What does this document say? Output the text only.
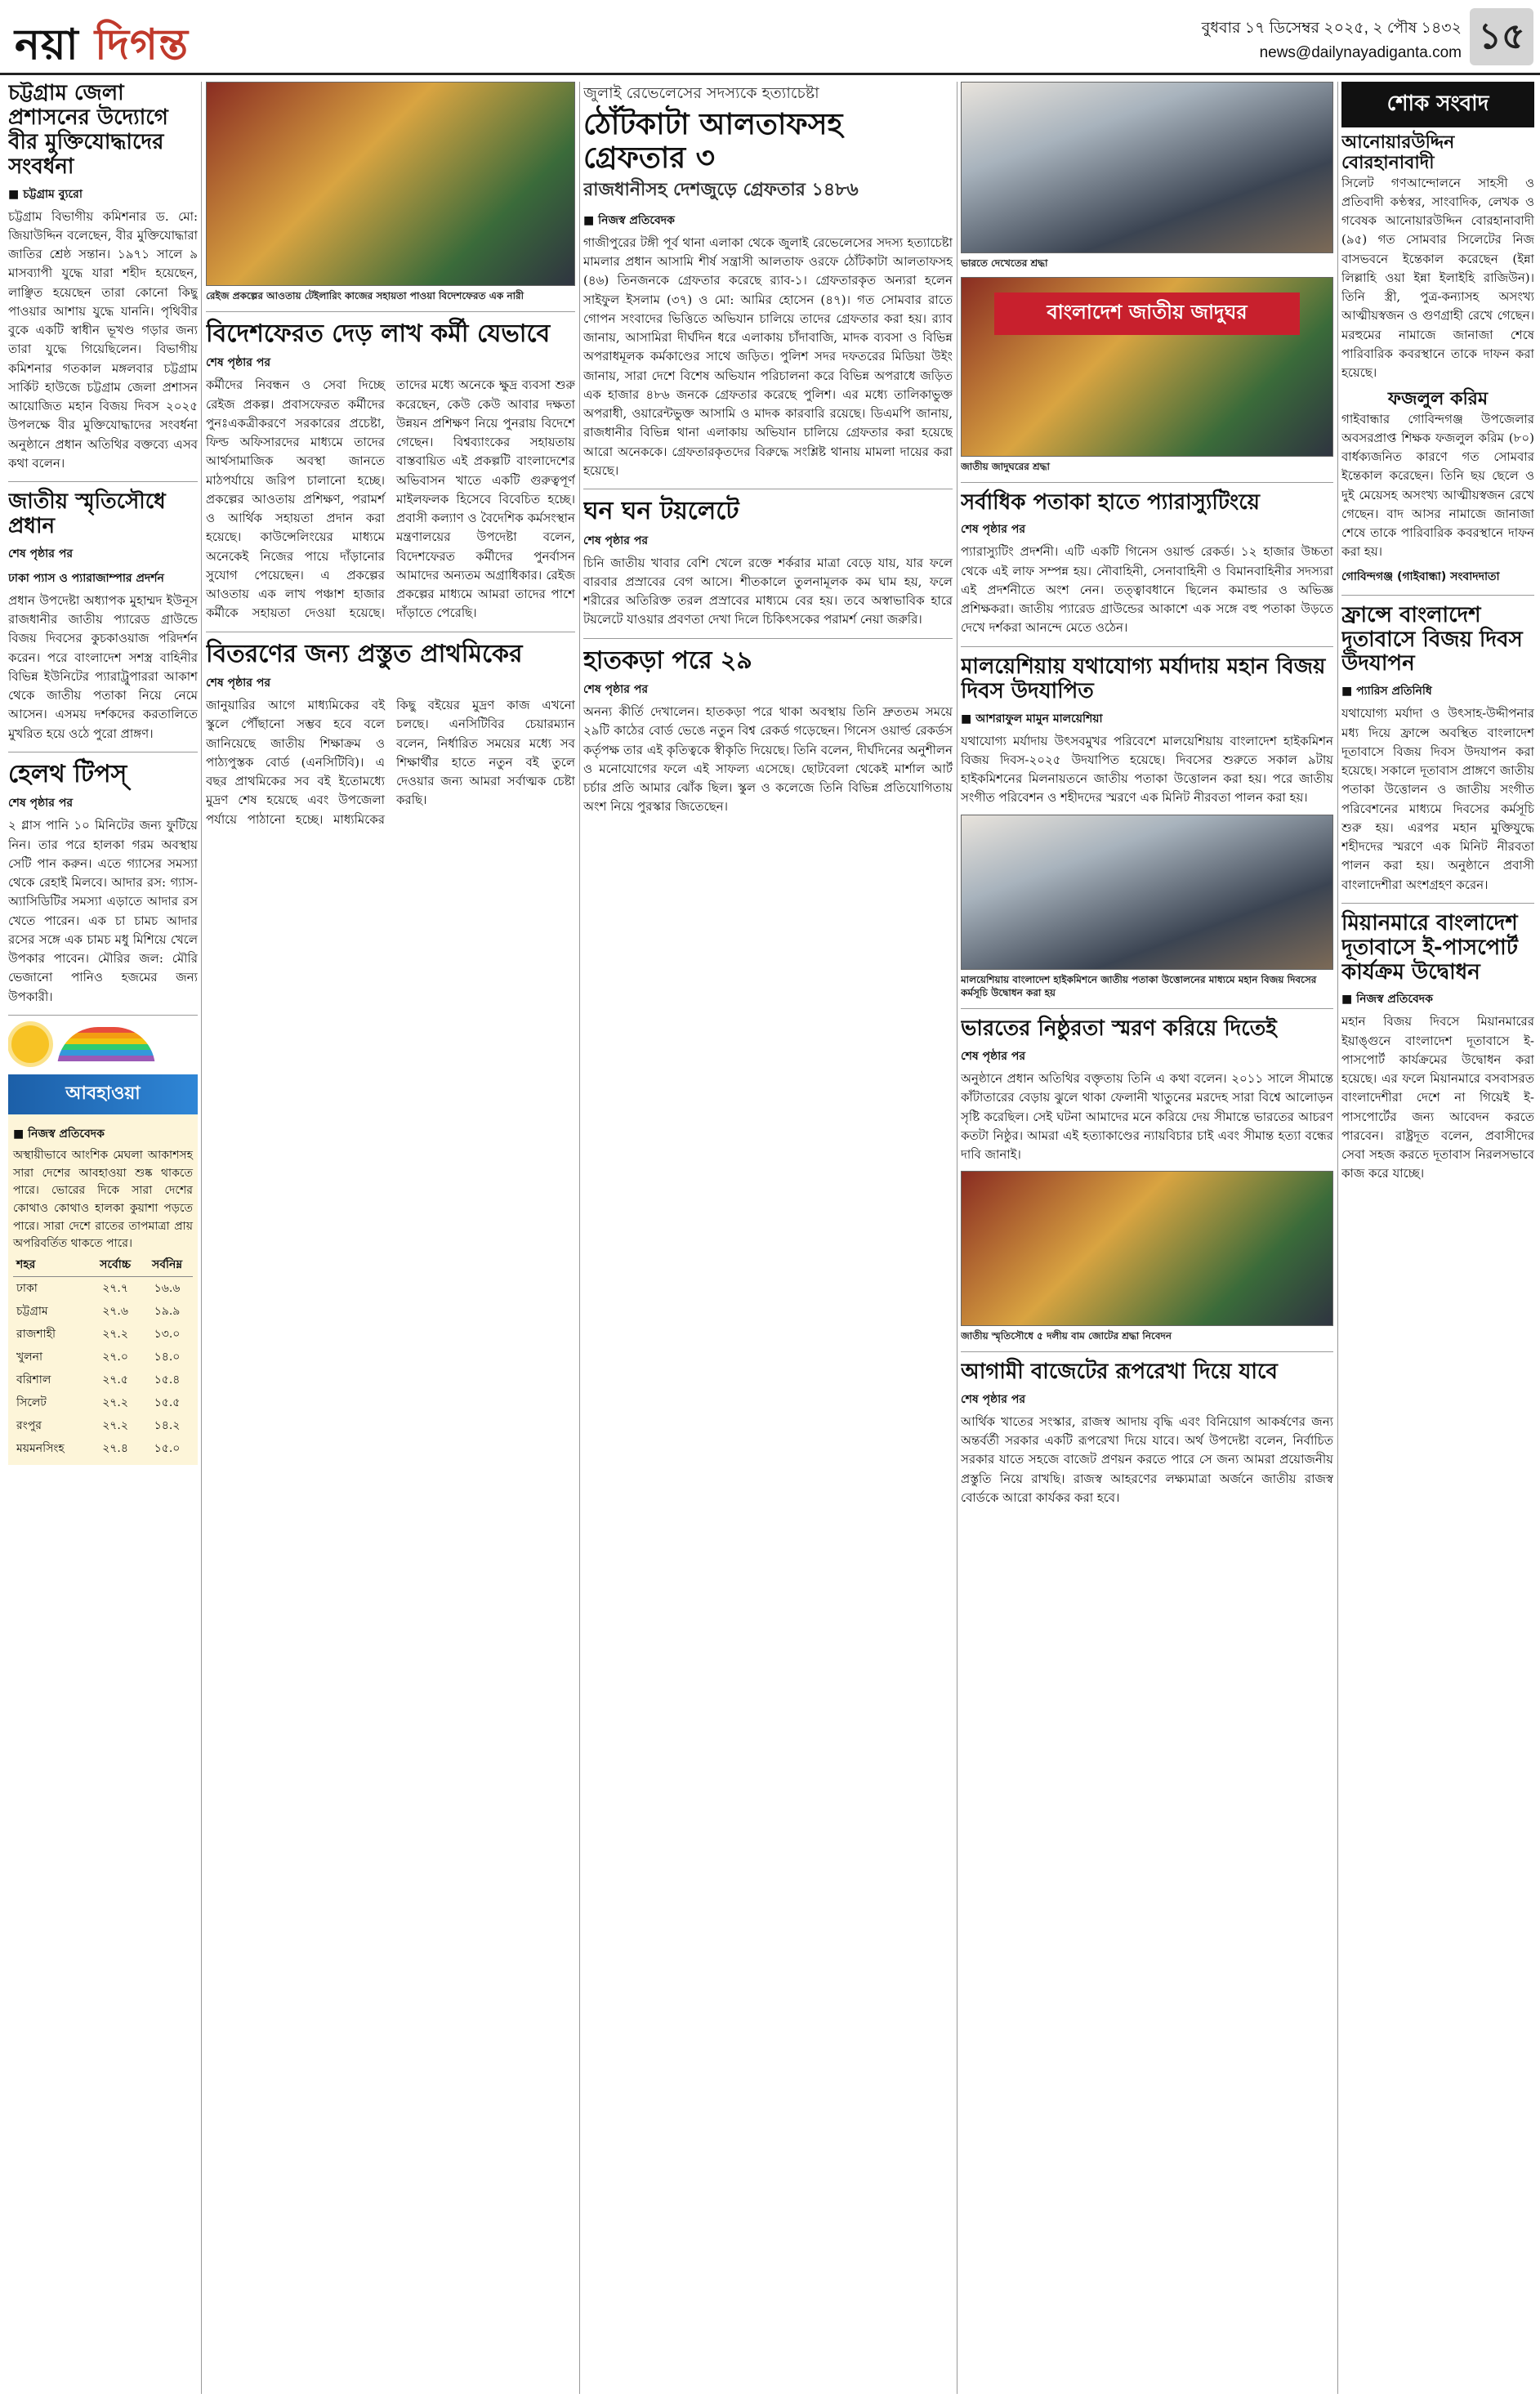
নয়া দিগন্ত	বুধবার ১৭ ডিসেম্বর ২০২৫, ২ পৌষ ১৪৩২
news@dailynayadiganta.com ১৫
চট্টগ্রাম জেলা প্রশাসনের উদ্যোগে বীর মুক্তিযোদ্ধাদের সংবর্ধনা
■ চট্টগ্রাম ব্যুরো

চট্টগ্রাম বিভাগীয় কমিশনার ড. মো: জিয়াউদ্দিন বলেছেন, বীর মুক্তিযোদ্ধারা জাতির শ্রেষ্ঠ সন্তান। ১৯৭১ সালে ৯ মাসব্যাপী যুদ্ধে যারা শহীদ হয়েছেন, লাঞ্ছিত হয়েছেন তারা কোনো কিছু পাওয়ার আশায় যুদ্ধে যাননি। পৃথিবীর বুকে একটি স্বাধীন ভূখণ্ড গড়ার জন্য তারা যুদ্ধে গিয়েছিলেন। বিভাগীয় কমিশনার গতকাল মঙ্গলবার চট্টগ্রাম সার্কিট হাউজে চট্টগ্রাম জেলা প্রশাসন আয়োজিত মহান বিজয় দিবস ২০২৫ উপলক্ষে বীর মুক্তিযোদ্ধাদের সংবর্ধনা অনুষ্ঠানে প্রধান অতিথির বক্তব্যে এসব কথা বলেন।

জাতীয় স্মৃতিসৌধে প্রধান
শেষ পৃষ্ঠার পর
ঢাকা প্যাস ও প্যারাজাম্পার প্রদর্শন

প্রধান উপদেষ্টা অধ্যাপক মুহাম্মদ ইউনূস রাজধানীর জাতীয় প্যারেড গ্রাউন্ডে বিজয় দিবসের কুচকাওয়াজ পরিদর্শন করেন। পরে বাংলাদেশ সশস্ত্র বাহিনীর বিভিন্ন ইউনিটের প্যারাট্রুপাররা আকাশ থেকে জাতীয় পতাকা নিয়ে নেমে আসেন। এসময় দর্শকদের করতালিতে মুখরিত হয়ে ওঠে পুরো প্রাঙ্গণ।

হেলথ টিপস্
শেষ পৃষ্ঠার পর

২ গ্লাস পানি ১০ মিনিটের জন্য ফুটিয়ে নিন। তার পরে হালকা গরম অবস্থায় সেটি পান করুন। এতে গ্যাসের সমস্যা থেকে রেহাই মিলবে। আদার রস: গ্যাস-অ্যাসিডিটির সমস্যা এড়াতে আদার রস খেতে পারেন। এক চা চামচ আদার রসের সঙ্গে এক চামচ মধু মিশিয়ে খেলে উপকার পাবেন। মৌরির জল: মৌরি ভেজানো পানিও হজমের জন্য উপকারী।

আবহাওয়া
■ নিজস্ব প্রতিবেদক

অস্থায়ীভাবে আংশিক মেঘলা আকাশসহ সারা দেশের আবহাওয়া শুষ্ক থাকতে পারে। ভোরের দিকে সারা দেশের কোথাও কোথাও হালকা কুয়াশা পড়তে পারে। সারা দেশে রাতের তাপমাত্রা প্রায় অপরিবর্তিত থাকতে পারে।

শহর	সর্বোচ্চ	সর্বনিম্ন
ঢাকা	২৭.৭	১৬.৬
চট্টগ্রাম	২৭.৬	১৯.৯
রাজশাহী	২৭.২	১৩.০
খুলনা	২৭.০	১৪.০
বরিশাল	২৭.৫	১৫.৪
সিলেট	২৭.২	১৫.৫
রংপুর	২৭.২	১৪.২
ময়মনসিংহ	২৭.৪	১৫.০
রেইজ প্রকল্পের আওতায় টেইলারিং কাজের সহায়তা পাওয়া বিদেশফেরত এক নারী
বিদেশফেরত দেড় লাখ কর্মী যেভাবে
শেষ পৃষ্ঠার পর

কর্মীদের নিবন্ধন ও সেবা দিচ্ছে রেইজ প্রকল্প। প্রবাসফেরত কর্মীদের পুনঃএকত্রীকরণে সরকারের প্রচেষ্টা, ফিল্ড অফিসারদের মাধ্যমে তাদের আর্থসামাজিক অবস্থা জানতে মাঠপর্যায়ে জরিপ চালানো হচ্ছে। প্রকল্পের আওতায় প্রশিক্ষণ, পরামর্শ ও আর্থিক সহায়তা প্রদান করা হয়েছে। কাউন্সেলিংয়ের মাধ্যমে অনেকেই নিজের পায়ে দাঁড়ানোর সুযোগ পেয়েছেন। এ প্রকল্পের আওতায় এক লাখ পঞ্চাশ হাজার কর্মীকে সহায়তা দেওয়া হয়েছে। তাদের মধ্যে অনেকে ক্ষুদ্র ব্যবসা শুরু করেছেন, কেউ কেউ আবার দক্ষতা উন্নয়ন প্রশিক্ষণ নিয়ে পুনরায় বিদেশে গেছেন। বিশ্বব্যাংকের সহায়তায় বাস্তবায়িত এই প্রকল্পটি বাংলাদেশের অভিবাসন খাতে একটি গুরুত্বপূর্ণ মাইলফলক হিসেবে বিবেচিত হচ্ছে। প্রবাসী কল্যাণ ও বৈদেশিক কর্মসংস্থান মন্ত্রণালয়ের উপদেষ্টা বলেন, বিদেশফেরত কর্মীদের পুনর্বাসন আমাদের অন্যতম অগ্রাধিকার। রেইজ প্রকল্পের মাধ্যমে আমরা তাদের পাশে দাঁড়াতে পেরেছি।

বিতরণের জন্য প্রস্তুত প্রাথমিকের
শেষ পৃষ্ঠার পর

জানুয়ারির আগে মাধ্যমিকের বই স্কুলে পৌঁছানো সম্ভব হবে বলে জানিয়েছে জাতীয় শিক্ষাক্রম ও পাঠ্যপুস্তক বোর্ড (এনসিটিবি)। এ বছর প্রাথমিকের সব বই ইতোমধ্যে মুদ্রণ শেষ হয়েছে এবং উপজেলা পর্যায়ে পাঠানো হচ্ছে। মাধ্যমিকের কিছু বইয়ের মুদ্রণ কাজ এখনো চলছে। এনসিটিবির চেয়ারম্যান বলেন, নির্ধারিত সময়ের মধ্যে সব শিক্ষার্থীর হাতে নতুন বই তুলে দেওয়ার জন্য আমরা সর্বাত্মক চেষ্টা করছি।

জুলাই রেভেলেসের সদস্যকে হত্যাচেষ্টা
ঠোঁটকাটা আলতাফসহ গ্রেফতার ৩
রাজধানীসহ দেশজুড়ে গ্রেফতার ১৪৮৬
■ নিজস্ব প্রতিবেদক

গাজীপুরের টঙ্গী পূর্ব থানা এলাকা থেকে জুলাই রেভেলেসের সদস্য হত্যাচেষ্টা মামলার প্রধান আসামি শীর্ষ সন্ত্রাসী আলতাফ ওরফে ঠোঁটকাটা আলতাফসহ (৪৬) তিনজনকে গ্রেফতার করেছে র‌্যাব-১। গ্রেফতারকৃত অন্যরা হলেন সাইফুল ইসলাম (৩৭) ও মো: আমির হোসেন (৪৭)। গত সোমবার রাতে গোপন সংবাদের ভিত্তিতে অভিযান চালিয়ে তাদের গ্রেফতার করা হয়। র‌্যাব জানায়, আসামিরা দীর্ঘদিন ধরে এলাকায় চাঁদাবাজি, মাদক ব্যবসা ও বিভিন্ন অপরাধমূলক কর্মকাণ্ডের সাথে জড়িত। পুলিশ সদর দফতরের মিডিয়া উইং জানায়, সারা দেশে বিশেষ অভিযান পরিচালনা করে বিভিন্ন অপরাধে জড়িত এক হাজার ৪৮৬ জনকে গ্রেফতার করেছে পুলিশ। এর মধ্যে তালিকাভুক্ত অপরাধী, ওয়ারেন্টভুক্ত আসামি ও মাদক কারবারি রয়েছে। ডিএমপি জানায়, রাজধানীর বিভিন্ন থানা এলাকায় অভিযান চালিয়ে গ্রেফতার করা হয়েছে আরো অনেককে। গ্রেফতারকৃতদের বিরুদ্ধে সংশ্লিষ্ট থানায় মামলা দায়ের করা হয়েছে।

ঘন ঘন টয়লেটে
শেষ পৃষ্ঠার পর

চিনি জাতীয় খাবার বেশি খেলে রক্তে শর্করার মাত্রা বেড়ে যায়, যার ফলে বারবার প্রস্রাবের বেগ আসে। শীতকালে তুলনামূলক কম ঘাম হয়, ফলে শরীরের অতিরিক্ত তরল প্রস্রাবের মাধ্যমে বের হয়। তবে অস্বাভাবিক হারে টয়লেটে যাওয়ার প্রবণতা দেখা দিলে চিকিৎসকের পরামর্শ নেয়া জরুরি।

হাতকড়া পরে ২৯
শেষ পৃষ্ঠার পর

অনন্য কীর্তি দেখালেন। হাতকড়া পরে থাকা অবস্থায় তিনি দ্রুততম সময়ে ২৯টি কাঠের বোর্ড ভেঙে নতুন বিশ্ব রেকর্ড গড়েছেন। গিনেস ওয়ার্ল্ড রেকর্ডস কর্তৃপক্ষ তার এই কৃতিত্বকে স্বীকৃতি দিয়েছে। তিনি বলেন, দীর্ঘদিনের অনুশীলন ও মনোযোগের ফলে এই সাফল্য এসেছে। ছোটবেলা থেকেই মার্শাল আর্ট চর্চার প্রতি আমার ঝোঁক ছিল। স্কুল ও কলেজে তিনি বিভিন্ন প্রতিযোগিতায় অংশ নিয়ে পুরস্কার জিতেছেন।

ভারতে দেখেতের শ্রদ্ধা
বাংলাদেশ জাতীয় জাদুঘর
জাতীয় জাদুঘরের শ্রদ্ধা
সর্বাধিক পতাকা হাতে প্যারাস্যুটিংয়ে
শেষ পৃষ্ঠার পর

প্যারাস্যুটিং প্রদর্শনী। এটি একটি গিনেস ওয়ার্ল্ড রেকর্ড। ১২ হাজার উচ্চতা থেকে এই লাফ সম্পন্ন হয়। নৌবাহিনী, সেনাবাহিনী ও বিমানবাহিনীর সদস্যরা এই প্রদর্শনীতে অংশ নেন। তত্ত্বাবধানে ছিলেন কমান্ডার ও অভিজ্ঞ প্রশিক্ষকরা। জাতীয় প্যারেড গ্রাউন্ডের আকাশে এক সঙ্গে বহু পতাকা উড়তে দেখে দর্শকরা আনন্দে মেতে ওঠেন।

মালয়েশিয়ায় যথাযোগ্য মর্যাদায় মহান বিজয় দিবস উদযাপিত
■ আশরাফুল মামুন মালয়েশিয়া

যথাযোগ্য মর্যাদায় উৎসবমুখর পরিবেশে মালয়েশিয়ায় বাংলাদেশ হাইকমিশন বিজয় দিবস-২০২৫ উদযাপিত হয়েছে। দিবসের শুরুতে সকাল ৯টায় হাইকমিশনের মিলনায়তনে জাতীয় পতাকা উত্তোলন করা হয়। পরে জাতীয় সংগীত পরিবেশন ও শহীদদের স্মরণে এক মিনিট নীরবতা পালন করা হয়।

মালয়েশিয়ায় বাংলাদেশ হাইকমিশনে জাতীয় পতাকা উত্তোলনের মাধ্যমে মহান বিজয় দিবসের কর্মসূচি উদ্বোধন করা হয়
ভারতের নিষ্ঠুরতা স্মরণ করিয়ে দিতেই
শেষ পৃষ্ঠার পর

অনুষ্ঠানে প্রধান অতিথির বক্তৃতায় তিনি এ কথা বলেন। ২০১১ সালে সীমান্তে কাঁটাতারের বেড়ায় ঝুলে থাকা ফেলানী খাতুনের মরদেহ সারা বিশ্বে আলোড়ন সৃষ্টি করেছিল। সেই ঘটনা আমাদের মনে করিয়ে দেয় সীমান্তে ভারতের আচরণ কতটা নিষ্ঠুর। আমরা এই হত্যাকাণ্ডের ন্যায়বিচার চাই এবং সীমান্ত হত্যা বন্ধের দাবি জানাই।

জাতীয় স্মৃতিসৌধে ৫ দলীয় বাম জোটের শ্রদ্ধা নিবেদন
আগামী বাজেটের রূপরেখা দিয়ে যাবে
শেষ পৃষ্ঠার পর

আর্থিক খাতের সংস্কার, রাজস্ব আদায় বৃদ্ধি এবং বিনিয়োগ আকর্ষণের জন্য অন্তর্বর্তী সরকার একটি রূপরেখা দিয়ে যাবে। অর্থ উপদেষ্টা বলেন, নির্বাচিত সরকার যাতে সহজে বাজেট প্রণয়ন করতে পারে সে জন্য আমরা প্রয়োজনীয় প্রস্তুতি নিয়ে রাখছি। রাজস্ব আহরণের লক্ষ্যমাত্রা অর্জনে জাতীয় রাজস্ব বোর্ডকে আরো কার্যকর করা হবে।

শোক সংবাদ
আনোয়ারউদ্দিন বোরহানাবাদী

সিলেট গণআন্দোলনে সাহসী ও প্রতিবাদী কণ্ঠস্বর, সাংবাদিক, লেখক ও গবেষক আনোয়ারউদ্দিন বোরহানাবাদী (৯৫) গত সোমবার সিলেটের নিজ বাসভবনে ইন্তেকাল করেছেন (ইন্না লিল্লাহি ওয়া ইন্না ইলাইহি রাজিউন)। তিনি স্ত্রী, পুত্র-কন্যাসহ অসংখ্য আত্মীয়স্বজন ও গুণগ্রাহী রেখে গেছেন। মরহুমের নামাজে জানাজা শেষে পারিবারিক কবরস্থানে তাকে দাফন করা হয়েছে।

ফজলুল করিম

গাইবান্ধার গোবিন্দগঞ্জ উপজেলার অবসরপ্রাপ্ত শিক্ষক ফজলুল করিম (৮০) বার্ধক্যজনিত কারণে গত সোমবার ইন্তেকাল করেছেন। তিনি ছয় ছেলে ও দুই মেয়েসহ অসংখ্য আত্মীয়স্বজন রেখে গেছেন। বাদ আসর নামাজে জানাজা শেষে তাকে পারিবারিক কবরস্থানে দাফন করা হয়।

গোবিন্দগঞ্জ (গাইবান্ধা) সংবাদদাতা
ফ্রান্সে বাংলাদেশ দূতাবাসে বিজয় দিবস উদযাপন
■ প্যারিস প্রতিনিধি

যথাযোগ্য মর্যাদা ও উৎসাহ-উদ্দীপনার মধ্য দিয়ে ফ্রান্সে অবস্থিত বাংলাদেশ দূতাবাসে বিজয় দিবস উদযাপন করা হয়েছে। সকালে দূতাবাস প্রাঙ্গণে জাতীয় পতাকা উত্তোলন ও জাতীয় সংগীত পরিবেশনের মাধ্যমে দিবসের কর্মসূচি শুরু হয়। এরপর মহান মুক্তিযুদ্ধে শহীদদের স্মরণে এক মিনিট নীরবতা পালন করা হয়। অনুষ্ঠানে প্রবাসী বাংলাদেশীরা অংশগ্রহণ করেন।

মিয়ানমারে বাংলাদেশ দূতাবাসে ই-পাসপোর্ট কার্যক্রম উদ্বোধন
■ নিজস্ব প্রতিবেদক

মহান বিজয় দিবসে মিয়ানমারের ইয়াঙ্গুনে বাংলাদেশ দূতাবাসে ই-পাসপোর্ট কার্যক্রমের উদ্বোধন করা হয়েছে। এর ফলে মিয়ানমারে বসবাসরত বাংলাদেশীরা দেশে না গিয়েই ই-পাসপোর্টের জন্য আবেদন করতে পারবেন। রাষ্ট্রদূত বলেন, প্রবাসীদের সেবা সহজ করতে দূতাবাস নিরলসভাবে কাজ করে যাচ্ছে।
